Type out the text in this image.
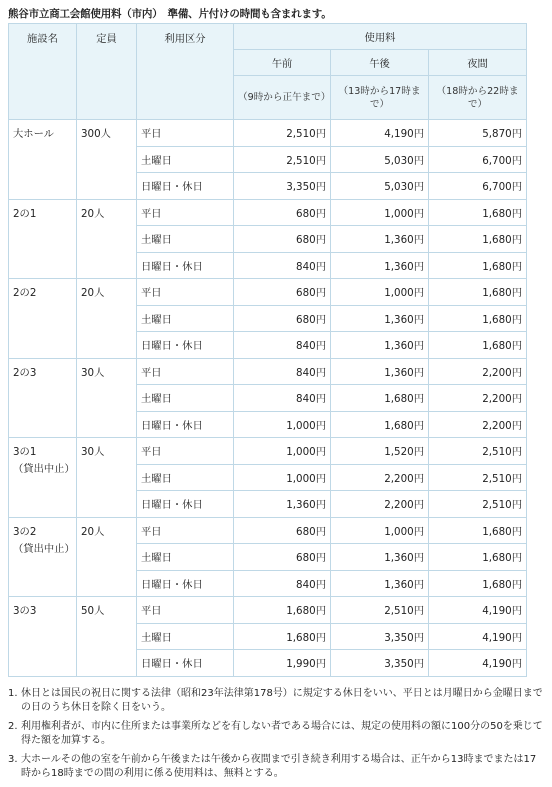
熊谷市立商工会館使用料（市内）　準備、片付けの時間も含まれます。
施設名	定員	利用区分	使用料		
			午前	午後	夜間
			（9時から正午まで）	（13時から17時まで）	（18時から22時まで）

大ホール	300人	平日	2,510円	4,190円	5,870円
		土曜日	2,510円	5,030円	6,700円
		日曜日・休日	3,350円	5,030円	6,700円

2の1	20人	平日	680円	1,000円	1,680円
		土曜日	680円	1,360円	1,680円
		日曜日・休日	840円	1,360円	1,680円

2の2	20人	平日	680円	1,000円	1,680円
		土曜日	680円	1,360円	1,680円
		日曜日・休日	840円	1,360円	1,680円

2の3	30人	平日	840円	1,360円	2,200円
		土曜日	840円	1,680円	2,200円
		日曜日・休日	1,000円	1,680円	2,200円

3の1
（貸出中止）	30人	平日	1,000円	1,520円	2,510円
		土曜日	1,000円	2,200円	2,510円
		日曜日・休日	1,360円	2,200円	2,510円

3の2
（貸出中止）	20人	平日	680円	1,000円	1,680円
		土曜日	680円	1,360円	1,680円
		日曜日・休日	840円	1,360円	1,680円

3の3	50人	平日	1,680円	2,510円	4,190円
		土曜日	1,680円	3,350円	4,190円
		日曜日・休日	1,990円	3,350円	4,190円
1. 休日とは国民の祝日に関する法律（昭和23年法律第178号）に規定する休日をいい、平日とは月曜日から金曜日までの日のうち休日を除く日をいう。
2. 利用権利者が、市内に住所または事業所などを有しない者である場合には、規定の使用料の額に100分の50を乗じて得た額を加算する。
3. 大ホールその他の室を午前から午後または午後から夜間まで引き続き利用する場合は、正午から13時までまたは17時から18時までの間の利用に係る使用料は、無料とする。
